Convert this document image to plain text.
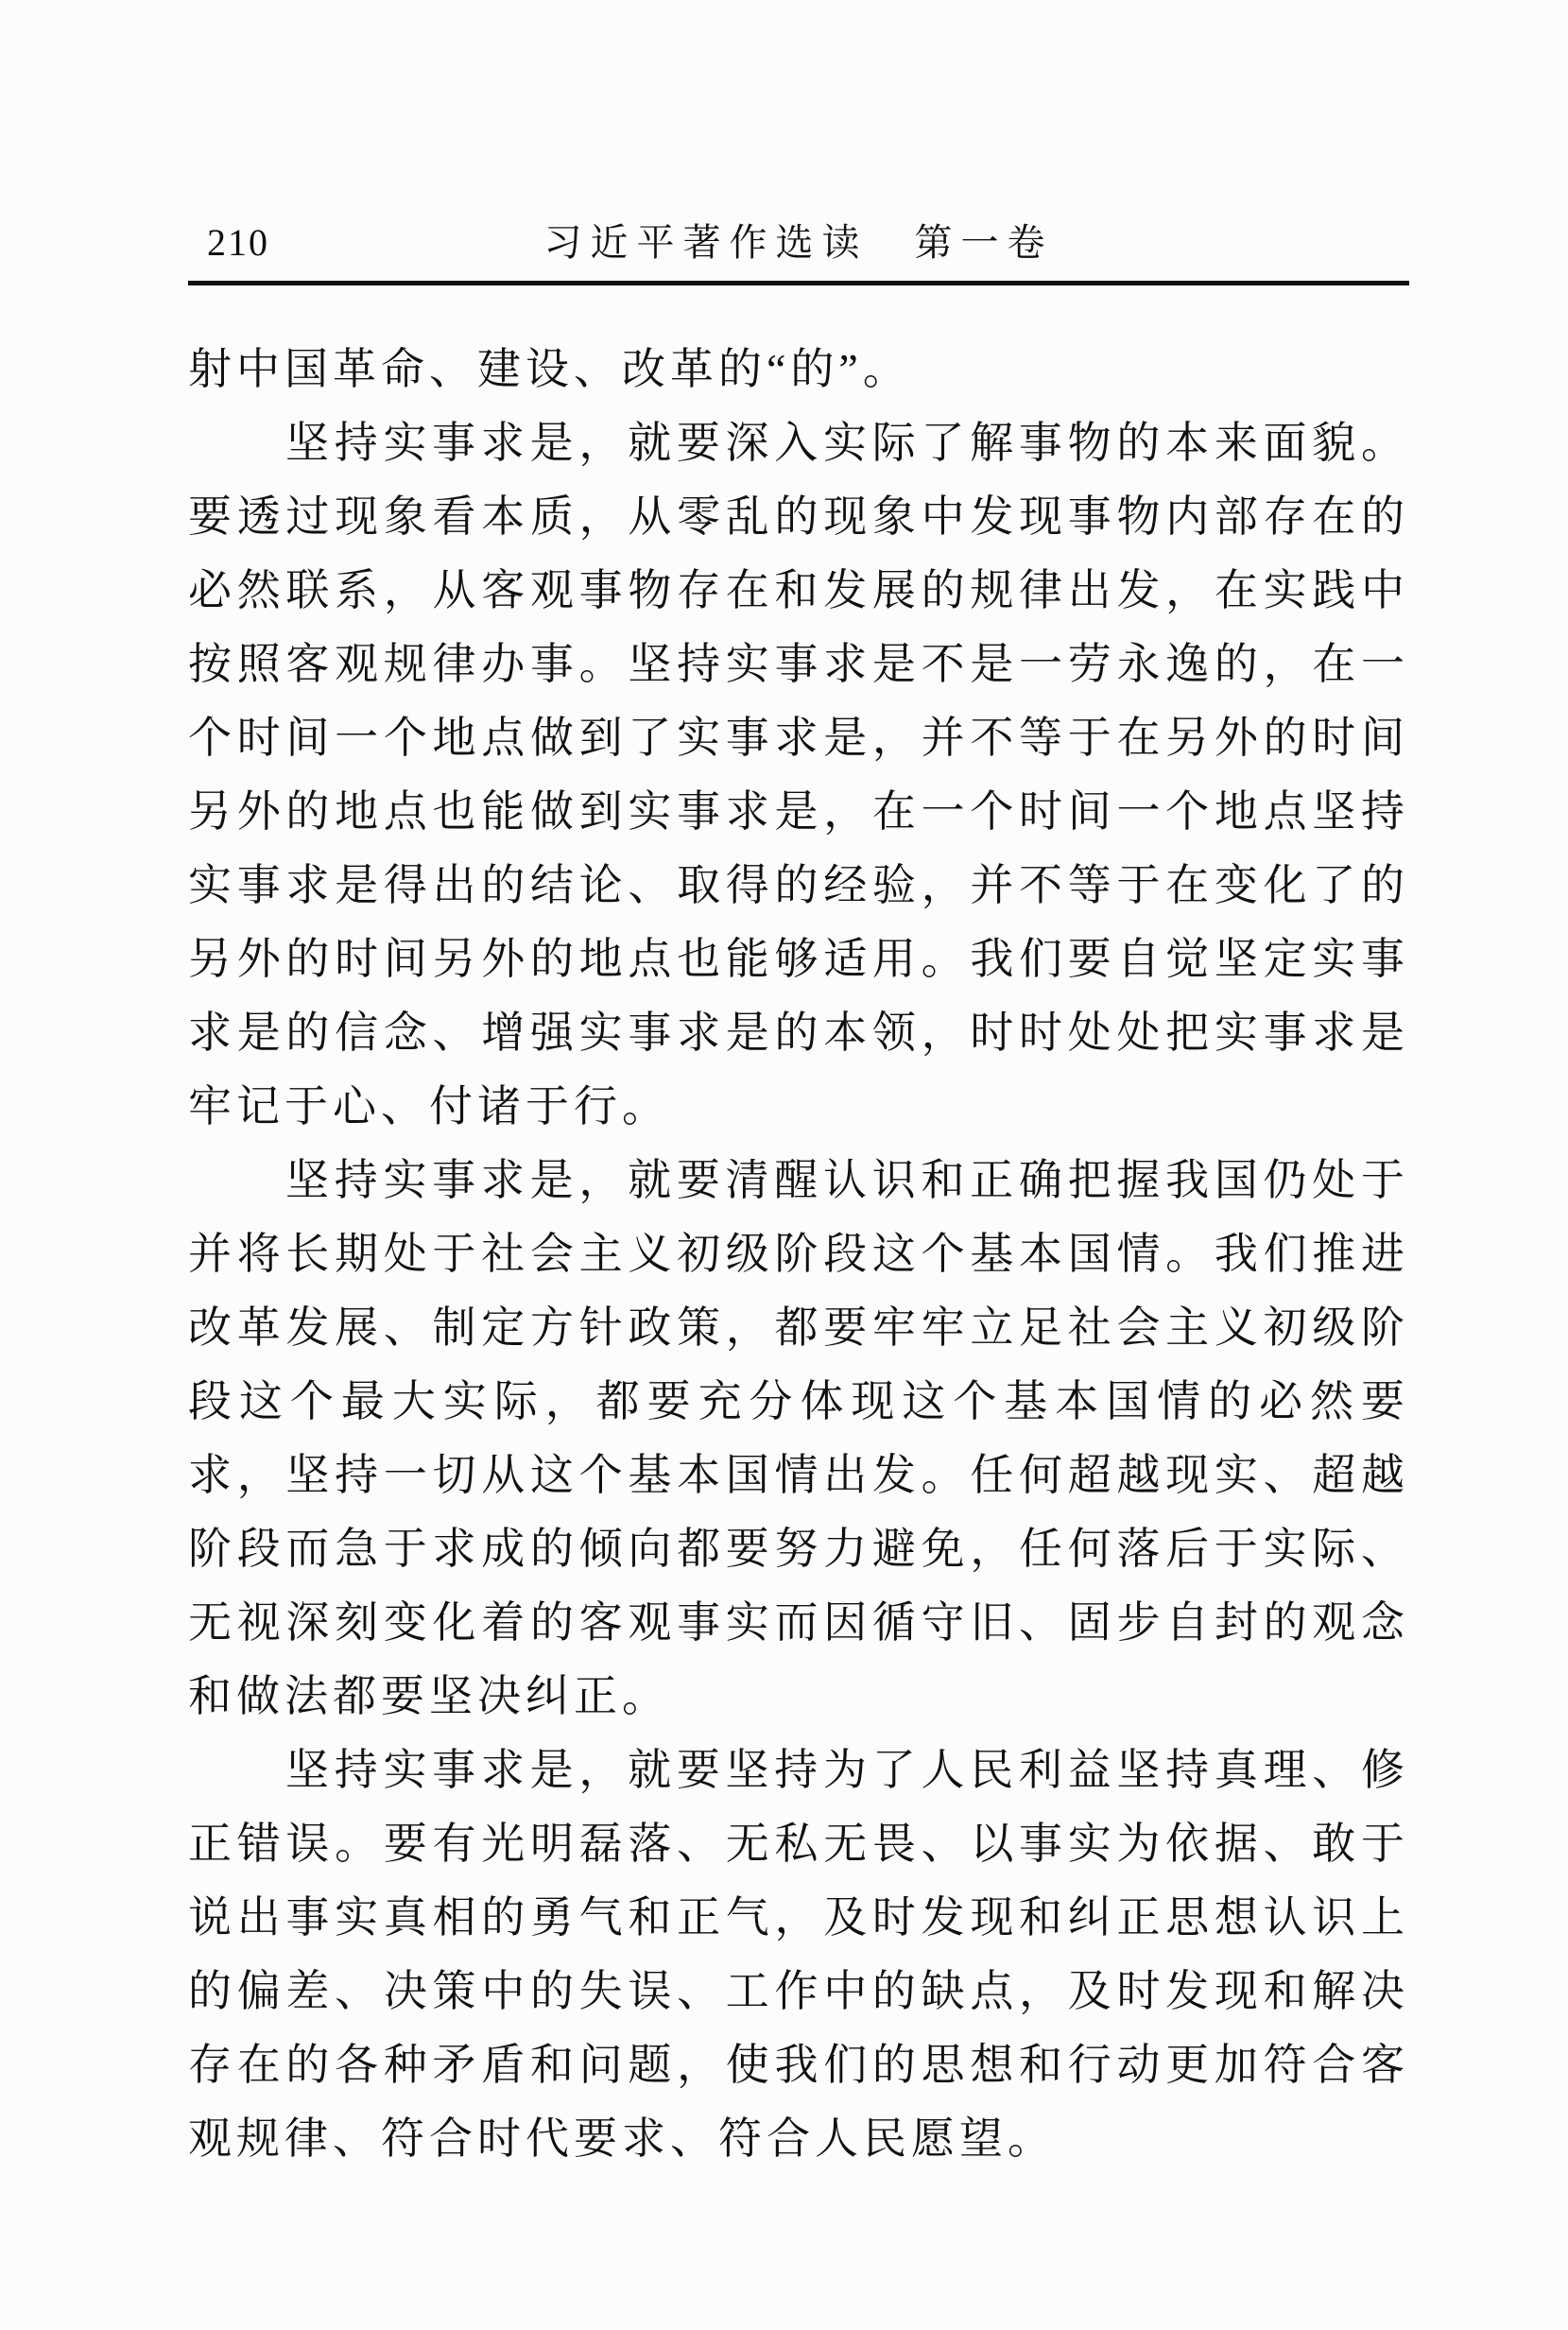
210	习近平著作选读　第一卷

射中国革命、建设、改革的“的”。

坚持实事求是，就要深入实际了解事物的本来面貌。要透过现象看本质，从零乱的现象中发现事物内部存在的必然联系，从客观事物存在和发展的规律出发，在实践中按照客观规律办事。坚持实事求是不是一劳永逸的，在一个时间一个地点做到了实事求是，并不等于在另外的时间另外的地点也能做到实事求是，在一个时间一个地点坚持实事求是得出的结论、取得的经验，并不等于在变化了的另外的时间另外的地点也能够适用。我们要自觉坚定实事求是的信念、增强实事求是的本领，时时处处把实事求是牢记于心、付诸于行。

坚持实事求是，就要清醒认识和正确把握我国仍处于并将长期处于社会主义初级阶段这个基本国情。我们推进改革发展、制定方针政策，都要牢牢立足社会主义初级阶段这个最大实际，都要充分体现这个基本国情的必然要求，坚持一切从这个基本国情出发。任何超越现实、超越阶段而急于求成的倾向都要努力避免，任何落后于实际、无视深刻变化着的客观事实而因循守旧、固步自封的观念和做法都要坚决纠正。

坚持实事求是，就要坚持为了人民利益坚持真理、修正错误。要有光明磊落、无私无畏、以事实为依据、敢于说出事实真相的勇气和正气，及时发现和纠正思想认识上的偏差、决策中的失误、工作中的缺点，及时发现和解决存在的各种矛盾和问题，使我们的思想和行动更加符合客观规律、符合时代要求、符合人民愿望。
